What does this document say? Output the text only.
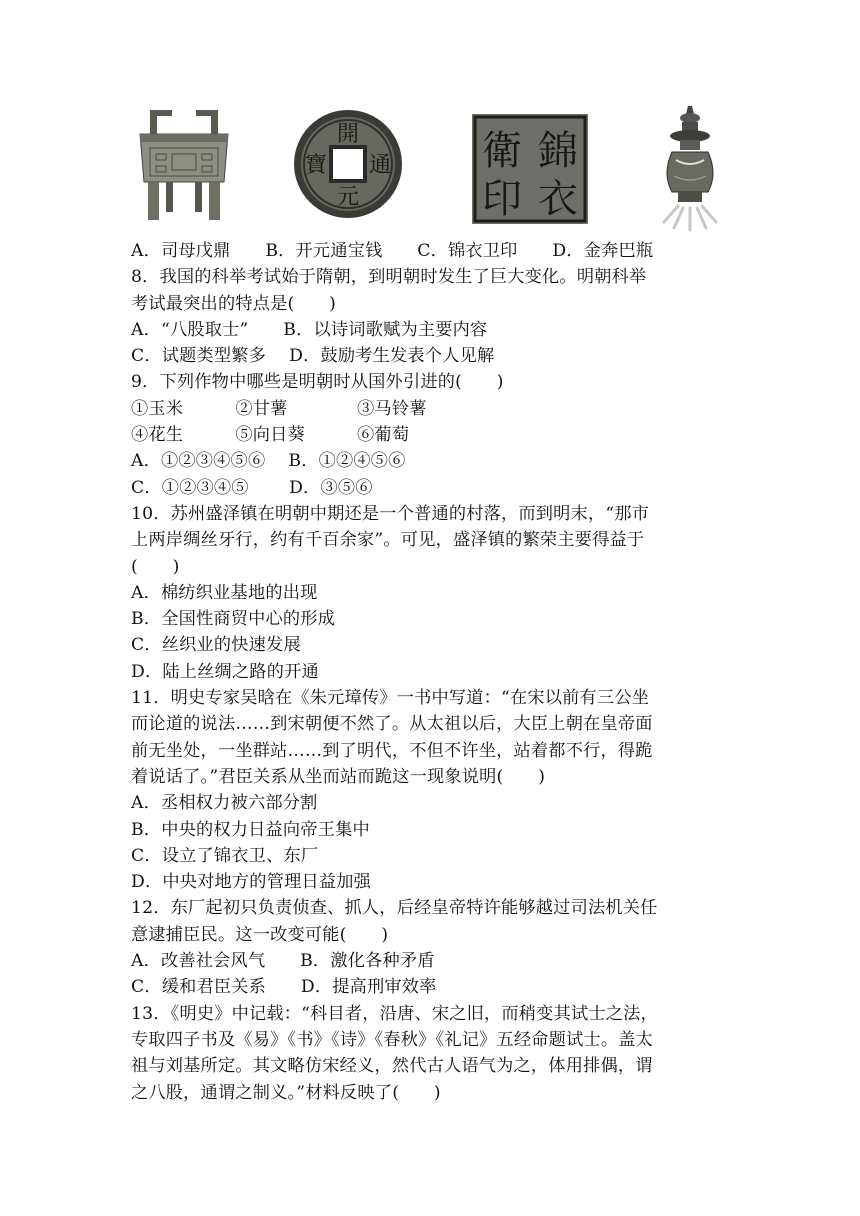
開
元
通
寶	錦
衣
衛
印
A．司母戊鼎　　B．开元通宝钱　　C．锦衣卫印　　D．金奔巴瓶
8．我国的科举考试始于隋朝，到明朝时发生了巨大变化。明朝科举
考试最突出的特点是(　　)
A．“八股取士”　　B．以诗词歌赋为主要内容
C．试题类型繁多　 D．鼓励考生发表个人见解
9．下列作物中哪些是明朝时从国外引进的(　　)
①玉米　　　②甘薯　　　　③马铃薯
④花生　　　⑤向日葵　　　⑥葡萄
A．①②③④⑤⑥　 B．①②④⑤⑥
C．①②③④⑤　　 D．③⑤⑥
10．苏州盛泽镇在明朝中期还是一个普通的村落，而到明末，“那市
上两岸绸丝牙行，约有千百余家”。可见，盛泽镇的繁荣主要得益于
(　　)
A．棉纺织业基地的出现
B．全国性商贸中心的形成
C．丝织业的快速发展
D．陆上丝绸之路的开通
11．明史专家吴晗在《朱元璋传》一书中写道：“在宋以前有三公坐
而论道的说法……到宋朝便不然了。从太祖以后，大臣上朝在皇帝面
前无坐处，一坐群站……到了明代，不但不许坐，站着都不行，得跪
着说话了。”君臣关系从坐而站而跪这一现象说明(　　)
A．丞相权力被六部分割
B．中央的权力日益向帝王集中
C．设立了锦衣卫、东厂
D．中央对地方的管理日益加强
12．东厂起初只负责侦查、抓人，后经皇帝特许能够越过司法机关任
意逮捕臣民。这一改变可能(　　)
A．改善社会风气　　B．激化各种矛盾
C．缓和君臣关系　　D．提高刑审效率
13．《明史》中记载：“科目者，沿唐、宋之旧，而稍变其试士之法，
专取四子书及《易》《书》《诗》《春秋》《礼记》五经命题试士。盖太
祖与刘基所定。其文略仿宋经义，然代古人语气为之，体用排偶，谓
之八股，通谓之制义。”材料反映了(　　)
